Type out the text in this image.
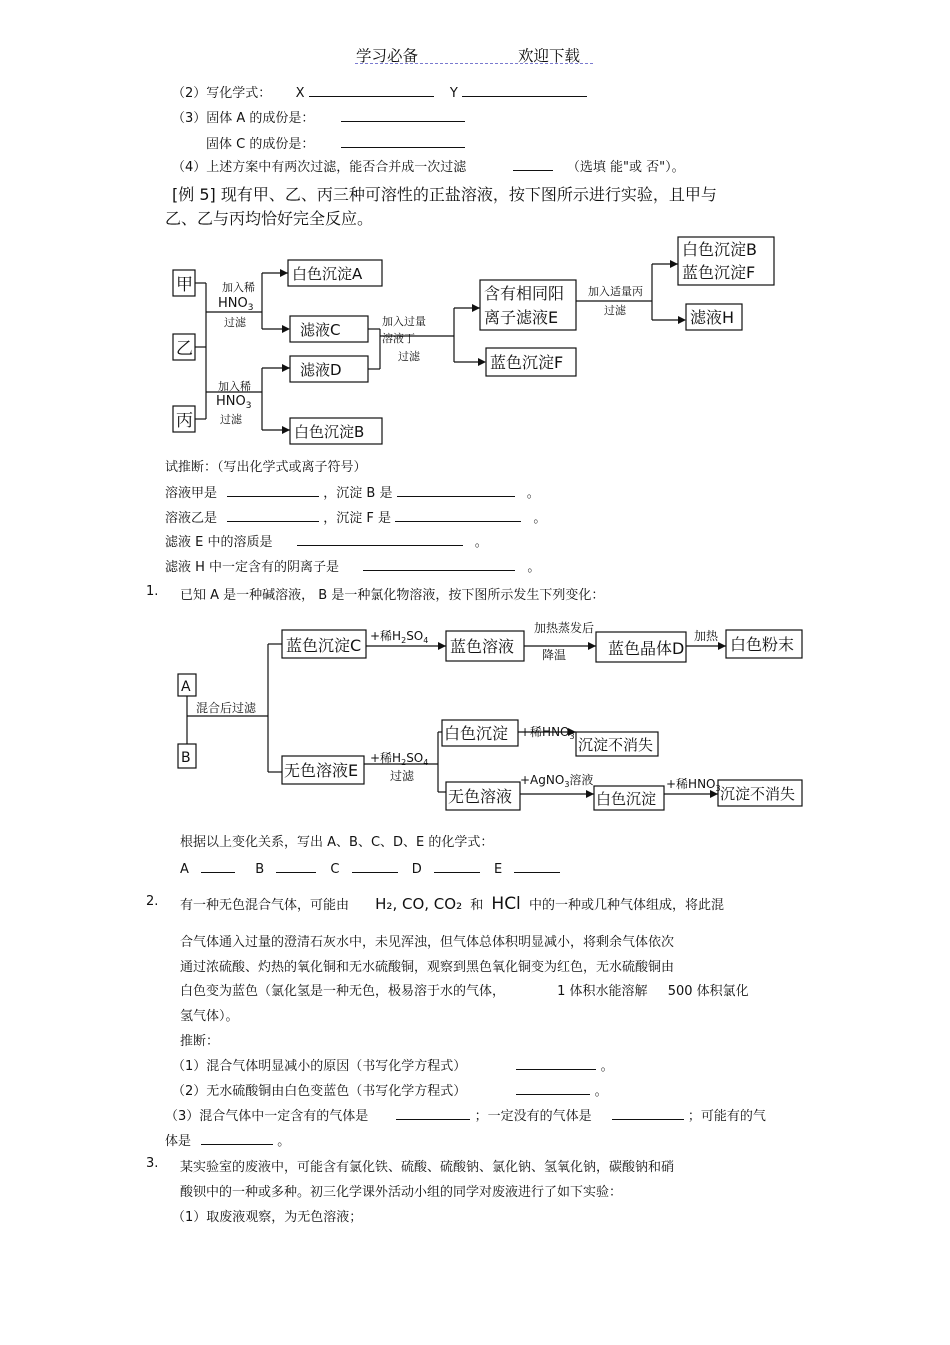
学习必备	欢迎下载
（2）写化学式： X	Y
（3）固体 A 的成份是：
固体 C 的成份是：
（4）上述方案中有两次过滤，能否合并成一次过滤	（选填 能"或 否"）。
[例 5] 现有甲、乙、丙三种可溶性的正盐溶液，按下图所示进行实验，且甲与
乙、乙与丙均恰好完全反应。
甲
乙
丙
加入稀
$HNO_3$
过滤
加入稀
$HNO_3$
过滤
加入过量
溶液丁
过滤
加入适量丙
过滤
白色沉淀A
滤液C
滤液D
白色沉淀B
含有相同阳
离子滤液E
蓝色沉淀F
白色沉淀B
蓝色沉淀F
滤液H
试推断：（写出化学式或离子符号）
溶液甲是	，沉淀 B 是	。
溶液乙是	，沉淀 F 是	。
滤液 E 中的溶质是	。
滤液 H 中一定含有的阴离子是	。
1. 已知 A 是一种碱溶液， B 是一种氯化物溶液，按下图所示发生下列变化：
A
B
混合后过滤
蓝色沉淀C +稀$H_2SO_4$ 蓝色溶液
加热蒸发后
降温	蓝色晶体D
加热 白色粉末
无色溶液E
+稀$H_2SO_4$
过滤
白色沉淀 +稀$HNO_3$ 沉淀不消失
无色溶液
+AgNO$_3$溶液
白色沉淀
+稀$HNO_3$ 沉淀不消失
根据以上变化关系，写出 A、B、C、D、E 的化学式：
A	B	C	D	E
2. 有一种无色混合气体，可能由 H₂, CO, CO₂ 和 HCl 中的一种或几种气体组成，将此混
合气体通入过量的澄清石灰水中，未见浑浊，但气体总体积明显减小，将剩余气体依次
通过浓硫酸、灼热的氧化铜和无水硫酸铜，观察到黑色氧化铜变为红色，无水硫酸铜由
白色变为蓝色（氯化氢是一种无色，极易溶于水的气体，	1 体积水能溶解 500 体积氯化
氢气体）。
推断：
（1）混合气体明显减小的原因（书写化学方程式）	。
（2）无水硫酸铜由白色变蓝色（书写化学方程式）	。
（3）混合气体中一定含有的气体是	；一定没有的气体是	；可能有的气
体是	。
3. 某实验室的废液中，可能含有氯化铁、硫酸、硫酸钠、氯化钠、氢氧化钠，碳酸钠和硝
酸钡中的一种或多种。初三化学课外活动小组的同学对废液进行了如下实验：
（1）取废液观察，为无色溶液；
